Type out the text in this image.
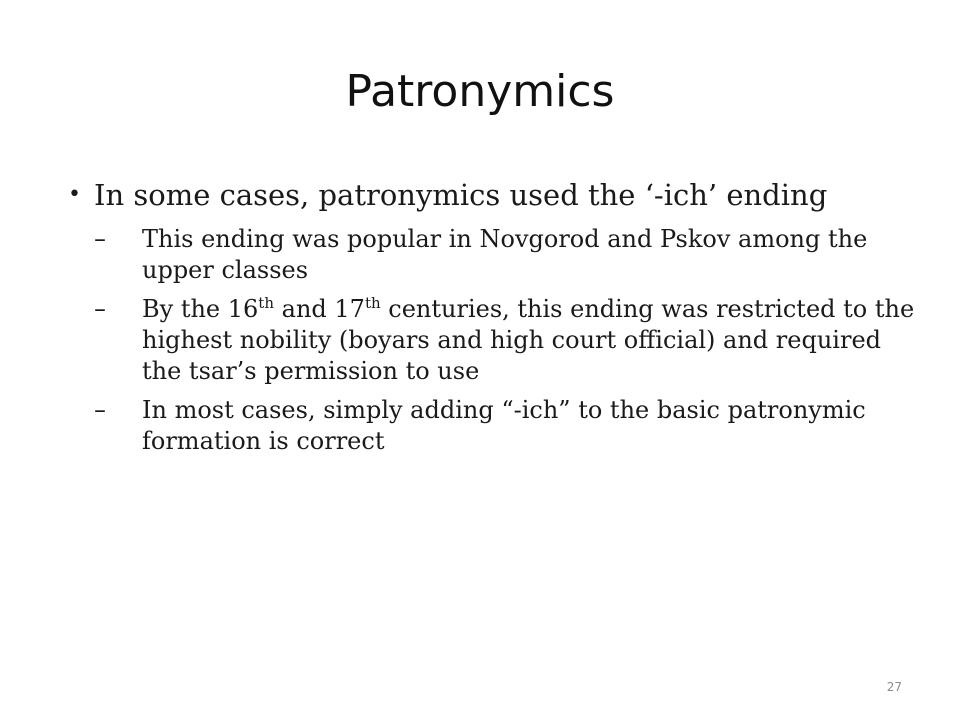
Patronymics
• In some cases, patronymics used the ‘-ich’ ending
– This ending was popular in Novgorod and Pskov among the upper classes
– By the 16th and 17th centuries, this ending was restricted to the highest nobility (boyars and high court official) and required the tsar’s permission to use
– In most cases, simply adding “-ich” to the basic patronymic formation is correct
27
